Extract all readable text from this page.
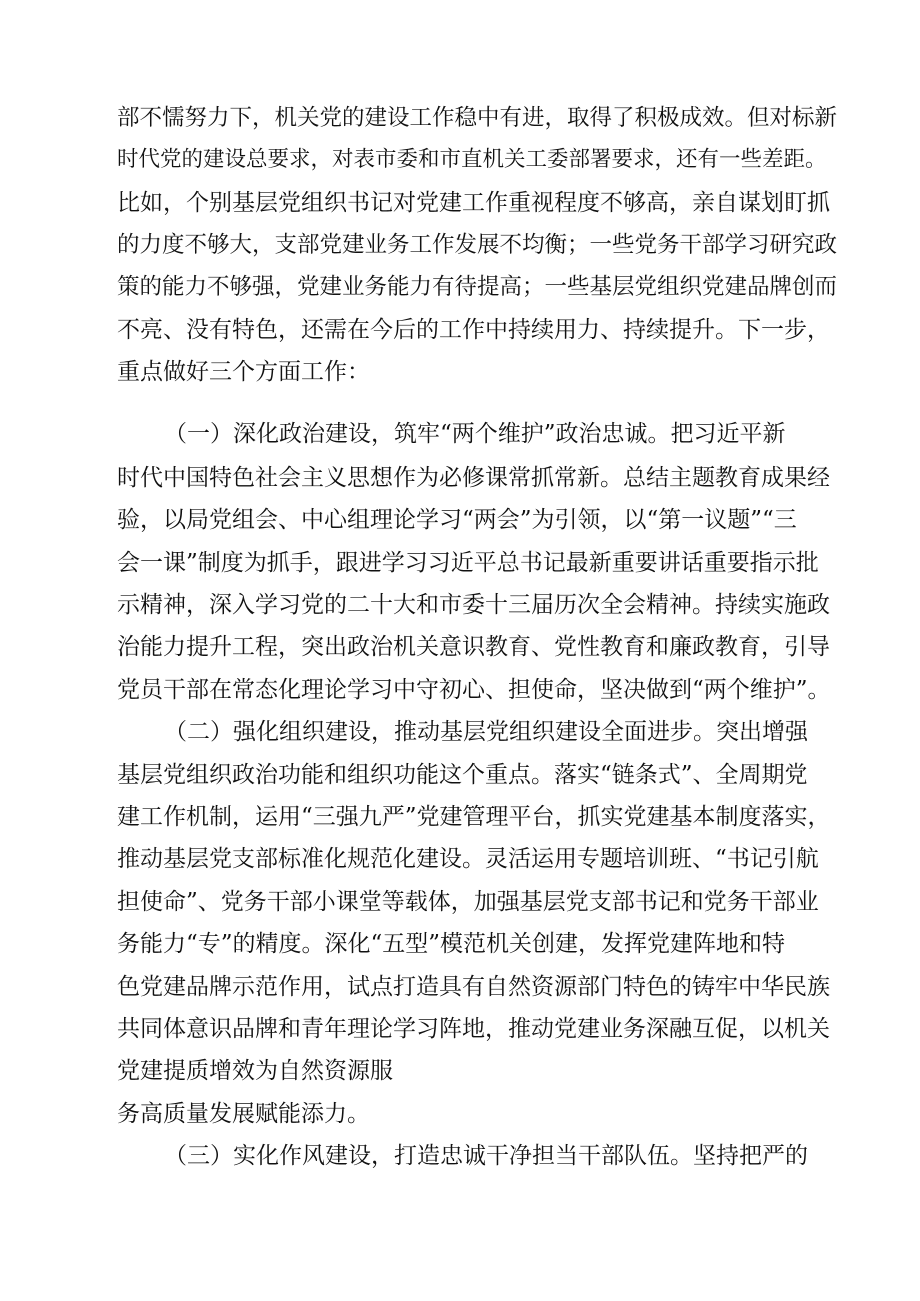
部不懦努力下，机关党的建设工作稳中有进，取得了积极成效。但对标新
时代党的建设总要求，对表市委和市直机关工委部署要求，还有一些差距。
比如，个别基层党组织书记对党建工作重视程度不够高，亲自谋划盯抓
的力度不够大，支部党建业务工作发展不均衡；一些党务干部学习研究政
策的能力不够强，党建业务能力有待提高；一些基层党组织党建品牌创而
不亮、没有特色，还需在今后的工作中持续用力、持续提升。下一步，
重点做好三个方面工作：
（一）深化政治建设，筑牢“两个维护”政治忠诚。把习近平新
时代中国特色社会主义思想作为必修课常抓常新。总结主题教育成果经
验，以局党组会、中心组理论学习“两会”为引领，以“第一议题”“三
会一课”制度为抓手，跟进学习习近平总书记最新重要讲话重要指示批
示精神，深入学习党的二十大和市委十三届历次全会精神。持续实施政
治能力提升工程，突出政治机关意识教育、党性教育和廉政教育，引导
党员干部在常态化理论学习中守初心、担使命，坚决做到“两个维护”。
（二）强化组织建设，推动基层党组织建设全面进步。突出增强
基层党组织政治功能和组织功能这个重点。落实“链条式”、全周期党
建工作机制，运用“三强九严”党建管理平台，抓实党建基本制度落实，
推动基层党支部标准化规范化建设。灵活运用专题培训班、“书记引航
担使命”、党务干部小课堂等载体，加强基层党支部书记和党务干部业
务能力“专”的精度。深化“五型”模范机关创建，发挥党建阵地和特
色党建品牌示范作用，试点打造具有自然资源部门特色的铸牢中华民族
共同体意识品牌和青年理论学习阵地，推动党建业务深融互促，以机关
党建提质增效为自然资源服
务高质量发展赋能添力。
（三）实化作风建设，打造忠诚干净担当干部队伍。坚持把严的
